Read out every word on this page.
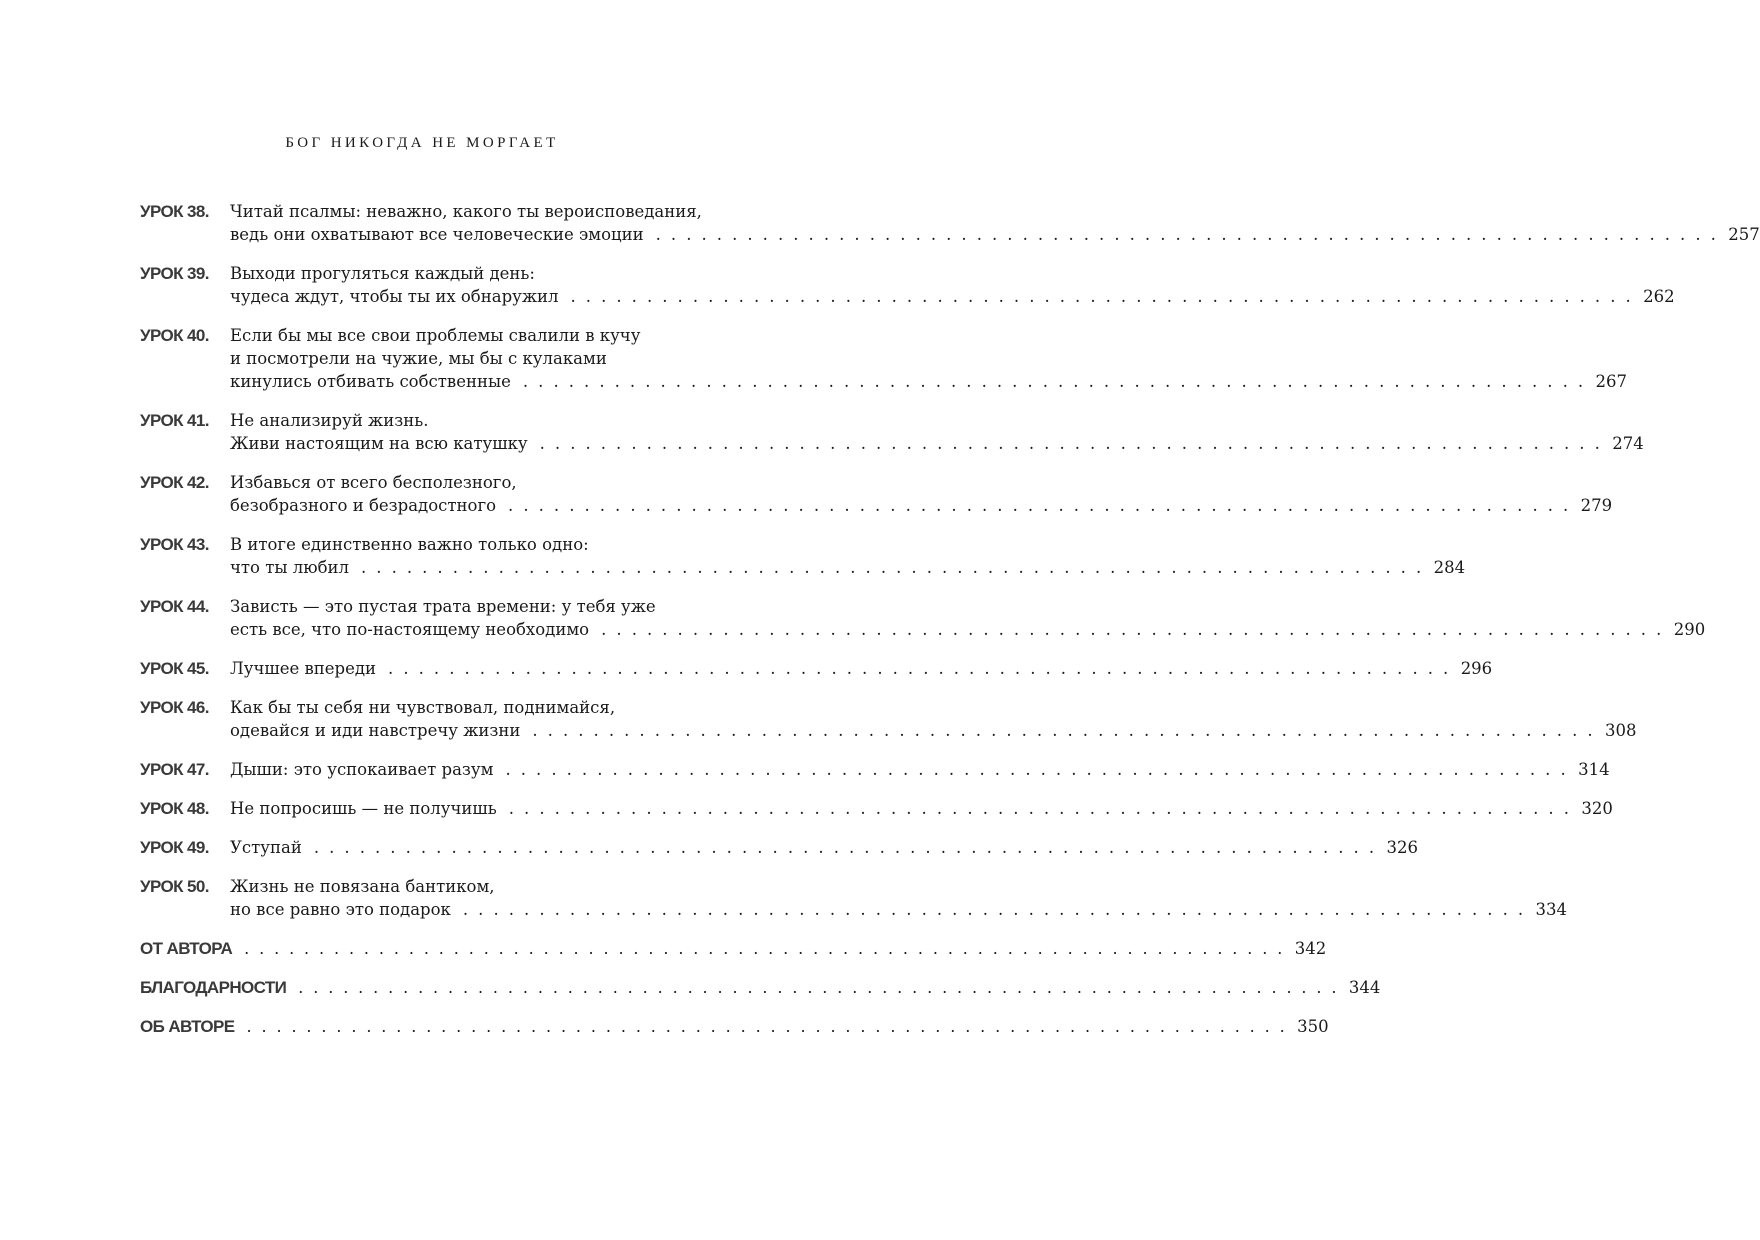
БОГ НИКОГДА НЕ МОРГАЕТ
УРОК 38.	Читай псалмы: неважно, какого ты вероисповедания,
ведь они охватывают все человеческие эмоции . . .	257
УРОК 39.	Выходи прогуляться каждый день:
чудеса ждут, чтобы ты их обнаружил . . .	262
УРОК 40.	Если бы мы все свои проблемы свалили в кучу
и посмотрели на чужие, мы бы с кулаками
кинулись отбивать собственные . . .	267
УРОК 41.	Не анализируй жизнь.
Живи настоящим на всю катушку . . .	274
УРОК 42.	Избавься от всего бесполезного,
безобразного и безрадостного . . .	279
УРОК 43.	В итоге единственно важно только одно:
что ты любил . . .	284
УРОК 44.	Зависть — это пустая трата времени: у тебя уже
есть все, что по-настоящему необходимо . . .	290
УРОК 45.	Лучшее впереди . . .	296
УРОК 46.	Как бы ты себя ни чувствовал, поднимайся,
одевайся и иди навстречу жизни . . .	308
УРОК 47.	Дыши: это успокаивает разум . . .	314
УРОК 48.	Не попросишь — не получишь . . .	320
УРОК 49.	Уступай . . .	326
УРОК 50.	Жизнь не повязана бантиком,
но все равно это подарок . . .	334
ОТ АВТОРА . . .	342
БЛАГОДАРНОСТИ . . .	344
ОБ АВТОРЕ . . .	350
